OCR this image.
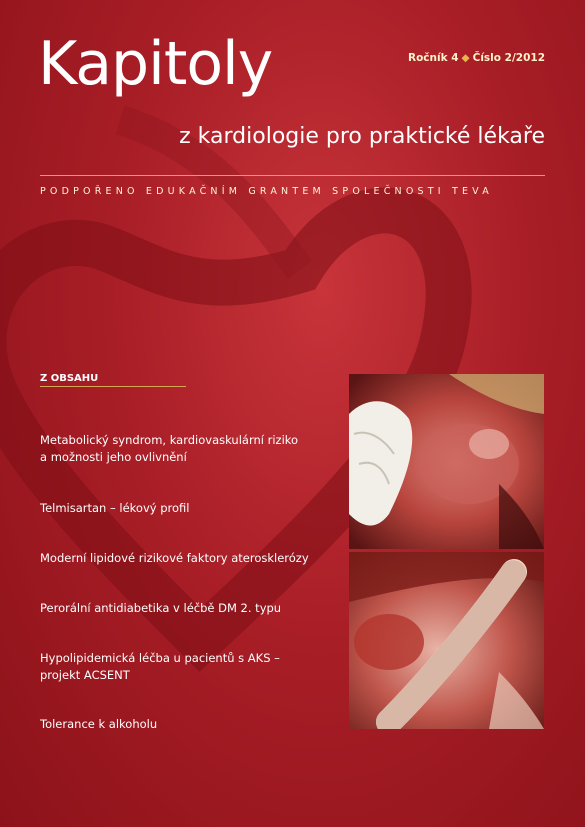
Kapitoly	Ročník 4 ◆ Číslo 2/2012
z kardiologie pro praktické lékaře
PODPOŘENO EDUKAČNÍM GRANTEM SPOLEČNOSTI TEVA
Z OBSAHU
Metabolický syndrom, kardiovaskulární riziko
a možnosti jeho ovlivnění
Telmisartan – lékový profil
Moderní lipidové rizikové faktory aterosklerózy
Perorální antidiabetika v léčbě DM 2. typu
Hypolipidemická léčba u pacientů s AKS –
projekt ACSENT
Tolerance k alkoholu
